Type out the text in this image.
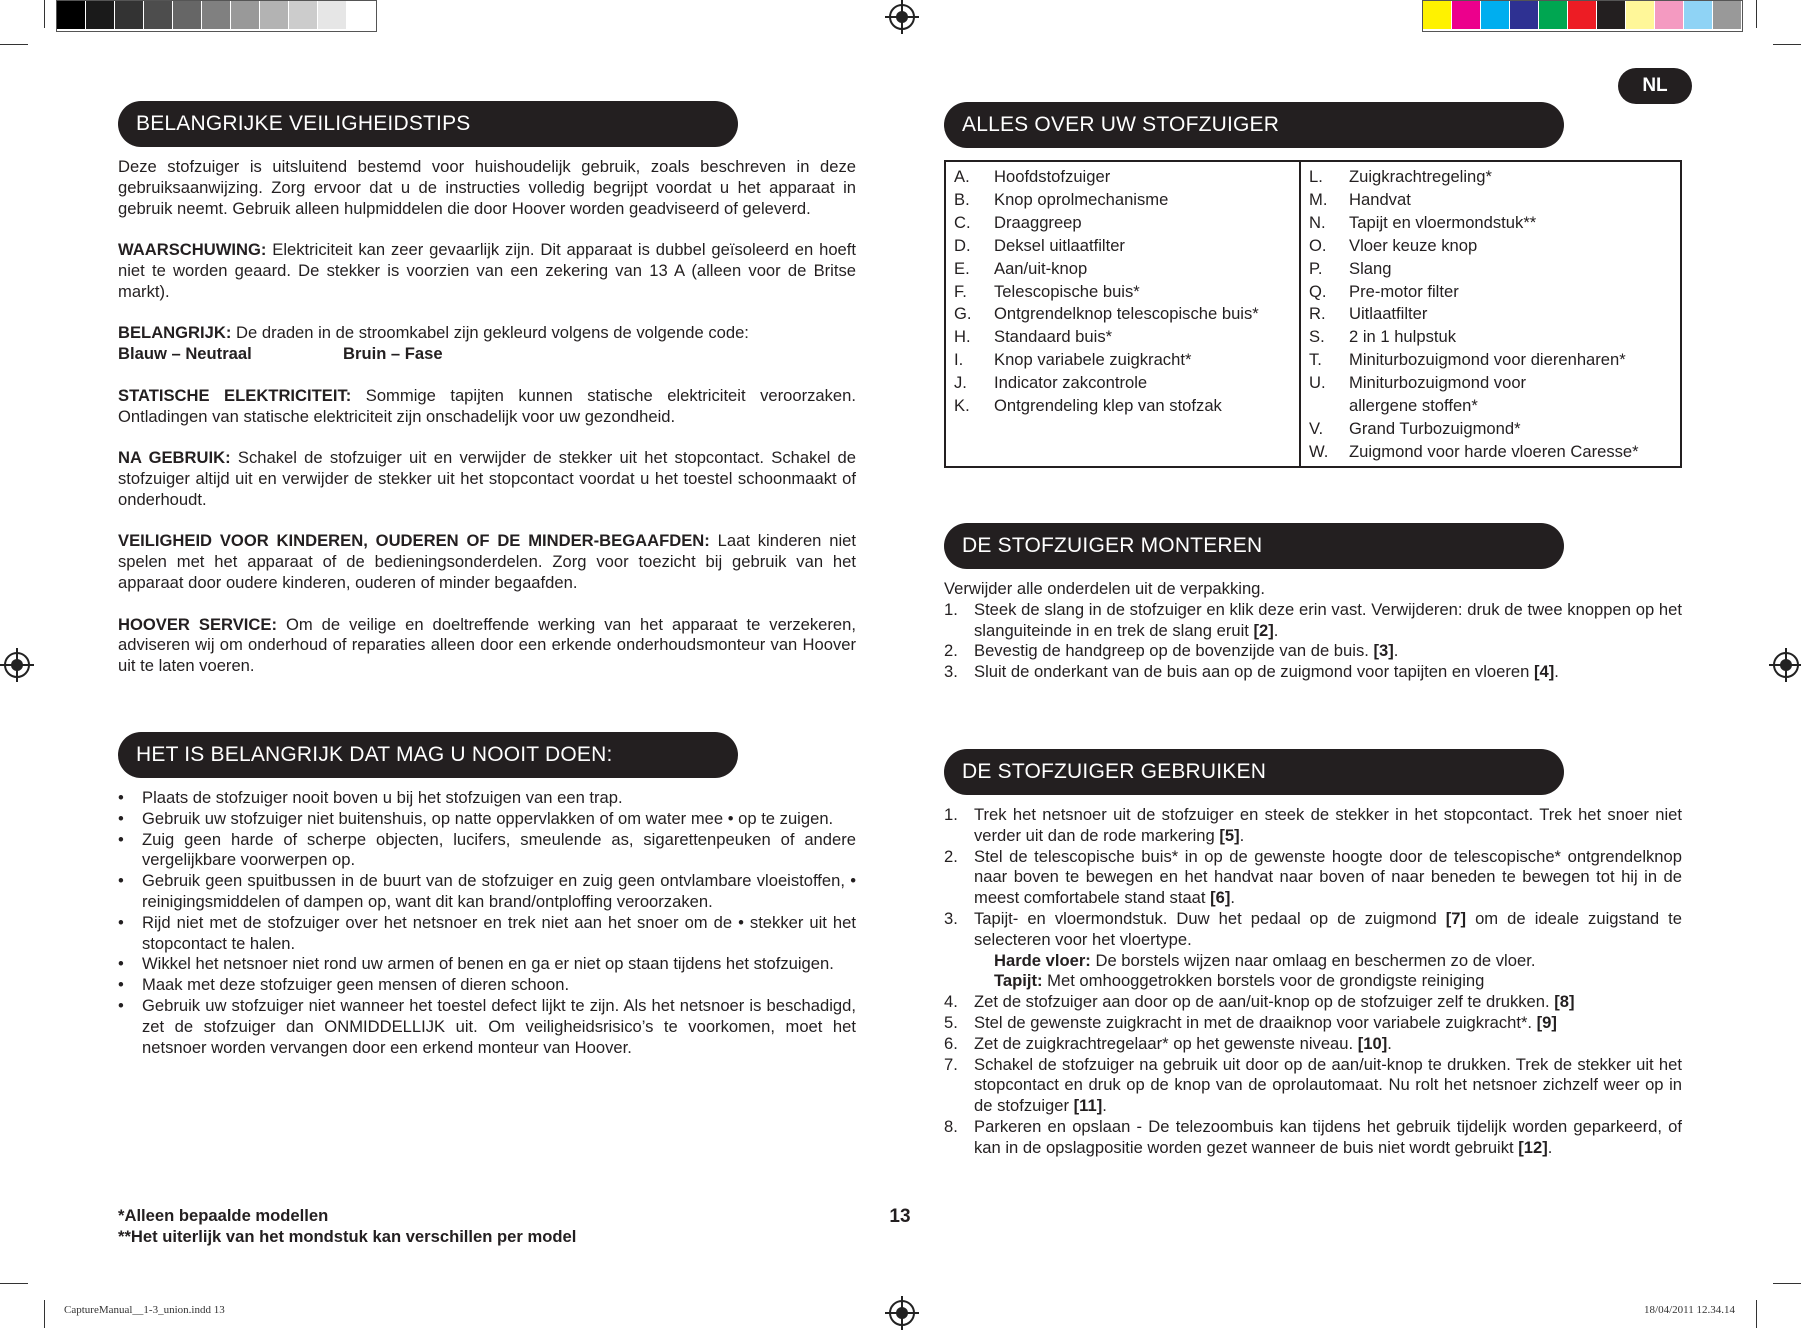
NL
BELANGRIJKE VEILIGHEIDSTIPS

Deze stofzuiger is uitsluitend bestemd voor huishoudelijk gebruik, zoals beschreven in deze gebruiksaanwijzing. Zorg ervoor dat u de instructies volledig begrijpt voordat u het apparaat in gebruik neemt. Gebruik alleen hulpmiddelen die door Hoover worden geadviseerd of geleverd.

WAARSCHUWING: Elektriciteit kan zeer gevaarlijk zijn. Dit apparaat is dubbel geïsoleerd en hoeft niet te worden geaard. De stekker is voorzien van een zekering van 13 A (alleen voor de Britse markt).

BELANGRIJK: De draden in de stroomkabel zijn gekleurd volgens de volgende code:

Blauw – Neutraal	Bruin – Fase

STATISCHE ELEKTRICITEIT: Sommige tapijten kunnen statische elektriciteit veroorzaken. Ontladingen van statische elektriciteit zijn onschadelijk voor uw gezondheid.

NA GEBRUIK: Schakel de stofzuiger uit en verwijder de stekker uit het stopcontact. Schakel de stofzuiger altijd uit en verwijder de stekker uit het stopcontact voordat u het toestel schoonmaakt of onderhoudt.

VEILIGHEID VOOR KINDEREN, OUDEREN OF DE MINDER-BEGAAFDEN: Laat kinderen niet spelen met het apparaat of de bedieningsonderdelen. Zorg voor toezicht bij gebruik van het apparaat door oudere kinderen, ouderen of minder begaafden.

HOOVER SERVICE: Om de veilige en doeltreffende werking van het apparaat te verzekeren, adviseren wij om onderhoud of reparaties alleen door een erkende onderhoudsmonteur van Hoover uit te laten voeren.

HET IS BELANGRIJK DAT MAG U NOOIT DOEN:
• Plaats de stofzuiger nooit boven u bij het stofzuigen van een trap.
• Gebruik uw stofzuiger niet buitenshuis, op natte oppervlakken of om water mee • op te zuigen.
• Zuig geen harde of scherpe objecten, lucifers, smeulende as, sigarettenpeuken of andere vergelijkbare voorwerpen op.
• Gebruik geen spuitbussen in de buurt van de stofzuiger en zuig geen ontvlambare vloeistoffen, • reinigingsmiddelen of dampen op, want dit kan brand/ontploffing veroorzaken.
• Rijd niet met de stofzuiger over het netsnoer en trek niet aan het snoer om de • stekker uit het stopcontact te halen.
• Wikkel het netsnoer niet rond uw armen of benen en ga er niet op staan tijdens het stofzuigen.
• Maak met deze stofzuiger geen mensen of dieren schoon.
• Gebruik uw stofzuiger niet wanneer het toestel defect lijkt te zijn. Als het netsnoer is beschadigd, zet de stofzuiger dan ONMIDDELLIJK uit. Om veiligheidsrisico’s te voorkomen, moet het netsnoer worden vervangen door een erkend monteur van Hoover.
*Alleen bepaalde modellen
**Het uiterlijk van het mondstuk kan verschillen per model
13
ALLES OVER UW STOFZUIGER
A.	Hoofdstofzuiger
B.	Knop oprolmechanisme
C.	Draaggreep
D.	Deksel uitlaatfilter
E.	Aan/uit-knop
F.	Telescopische buis*
G.	Ontgrendelknop telescopische buis*
H.	Standaard buis*
I.	Knop variabele zuigkracht*
J.	Indicator zakcontrole
K.	Ontgrendeling klep van stofzak
L.	Zuigkrachtregeling*
M.	Handvat
N.	Tapijt en vloermondstuk**
O.	Vloer keuze knop
P.	Slang
Q.	Pre-motor filter
R.	Uitlaatfilter
S.	2 in 1 hulpstuk
T.	Miniturbozuigmond voor dierenharen*
U.	Miniturbozuigmond voor allergene stoffen*
V.	Grand Turbozuigmond*
W.	Zuigmond voor harde vloeren Caresse*
DE STOFZUIGER MONTEREN
Verwijder alle onderdelen uit de verpakking.
1. Steek de slang in de stofzuiger en klik deze erin vast. Verwijderen: druk de twee knoppen op het slanguiteinde in en trek de slang eruit [2].
2. Bevestig de handgreep op de bovenzijde van de buis. [3].
3. Sluit de onderkant van de buis aan op de zuigmond voor tapijten en vloeren [4].
DE STOFZUIGER GEBRUIKEN
1. Trek het netsnoer uit de stofzuiger en steek de stekker in het stopcontact. Trek het snoer niet verder uit dan de rode markering [5].
2. Stel de telescopische buis* in op de gewenste hoogte door de telescopische* ontgrendelknop naar boven te bewegen en het handvat naar boven of naar beneden te bewegen tot hij in de meest comfortabele stand staat [6].
3. Tapijt- en vloermondstuk. Duw het pedaal op de zuigmond [7] om de ideale zuigstand te selecteren voor het vloertype.
Harde vloer: De borstels wijzen naar omlaag en beschermen zo de vloer.
Tapijt: Met omhooggetrokken borstels voor de grondigste reiniging
4. Zet de stofzuiger aan door op de aan/uit-knop op de stofzuiger zelf te drukken. [8]
5. Stel de gewenste zuigkracht in met de draaiknop voor variabele zuigkracht*. [9]
6. Zet de zuigkrachtregelaar* op het gewenste niveau. [10].
7. Schakel de stofzuiger na gebruik uit door op de aan/uit-knop te drukken. Trek de stekker uit het stopcontact en druk op de knop van de oprolautomaat. Nu rolt het netsnoer zichzelf weer op in de stofzuiger [11].
8. Parkeren en opslaan - De telezoombuis kan tijdens het gebruik tijdelijk worden geparkeerd, of kan in de opslagpositie worden gezet wanneer de buis niet wordt gebruikt [12].
CaptureManual__1-3_union.indd 13	18/04/2011 12.34.14
